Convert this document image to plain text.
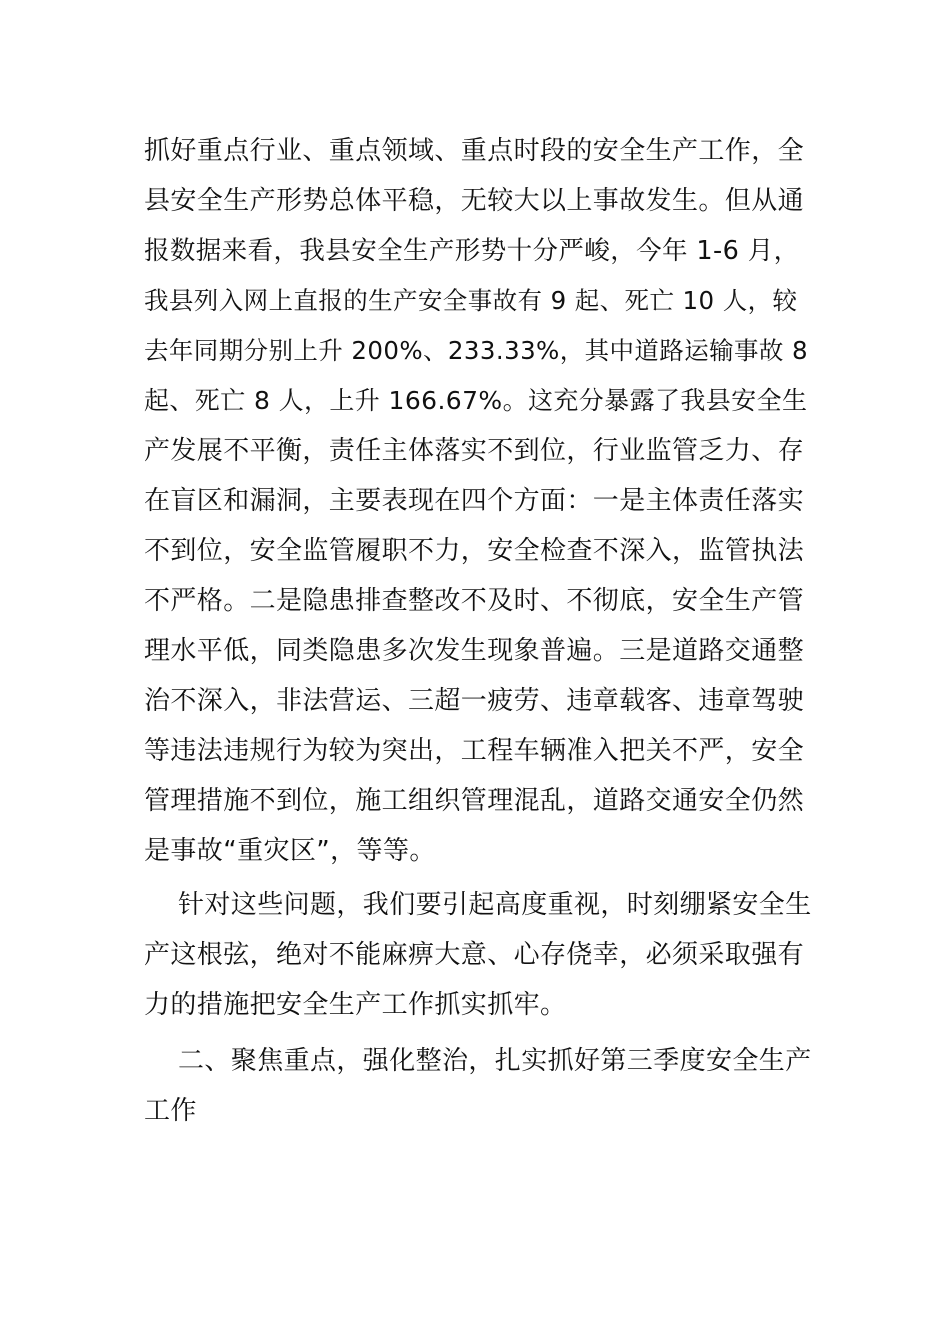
抓好重点行业、重点领域、重点时段的安全生产工作，全
县安全生产形势总体平稳，无较大以上事故发生。但从通
报数据来看，我县安全生产形势十分严峻，今年 1-6 月，
我县列入网上直报的生产安全事故有 9 起、死亡 10 人，较
去年同期分别上升 200%、233.33%，其中道路运输事故 8
起、死亡 8 人，上升 166.67%。这充分暴露了我县安全生
产发展不平衡，责任主体落实不到位，行业监管乏力、存
在盲区和漏洞，主要表现在四个方面：一是主体责任落实
不到位，安全监管履职不力，安全检查不深入，监管执法
不严格。二是隐患排查整改不及时、不彻底，安全生产管
理水平低，同类隐患多次发生现象普遍。三是道路交通整
治不深入，非法营运、三超一疲劳、违章载客、违章驾驶
等违法违规行为较为突出，工程车辆准入把关不严，安全
管理措施不到位，施工组织管理混乱，道路交通安全仍然
是事故“重灾区”，等等。
针对这些问题，我们要引起高度重视，时刻绷紧安全生
产这根弦，绝对不能麻痹大意、心存侥幸，必须采取强有
力的措施把安全生产工作抓实抓牢。
二、聚焦重点，强化整治，扎实抓好第三季度安全生产
工作
